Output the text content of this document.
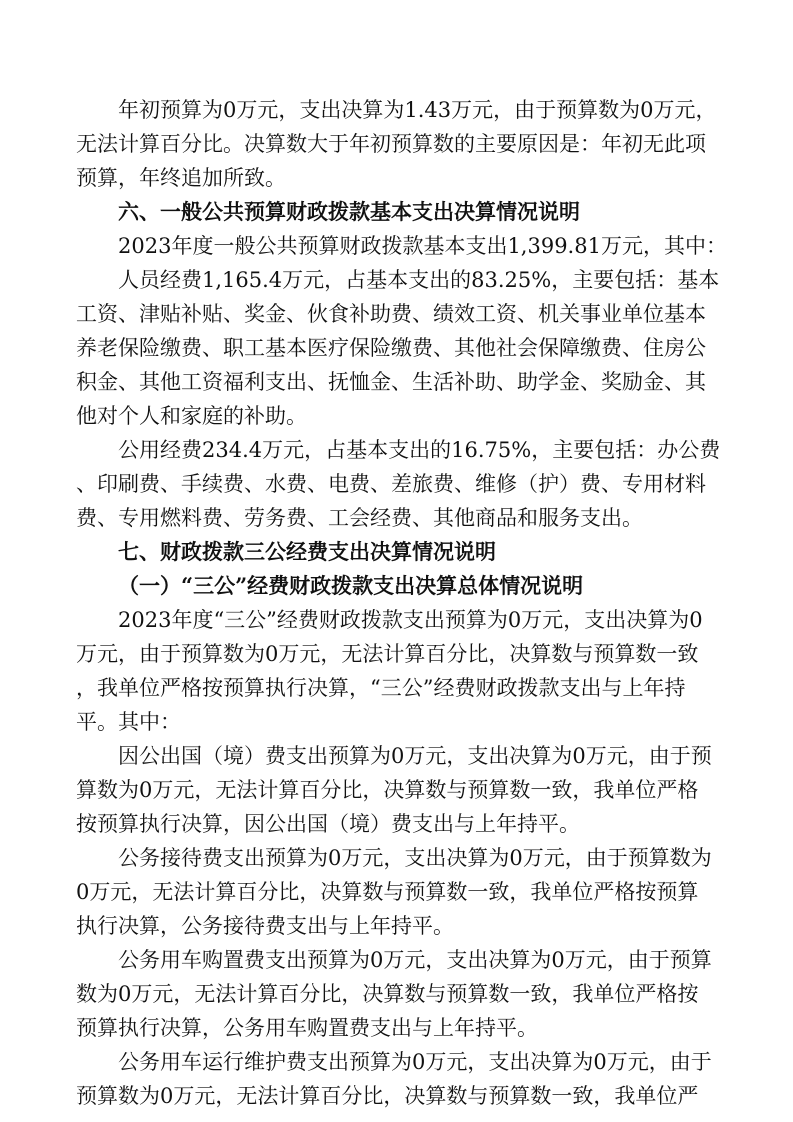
年初预算为0万元，支出决算为1.43万元，由于预算数为0万元，
无法计算百分比。决算数大于年初预算数的主要原因是：年初无此项
预算，年终追加所致。
六、一般公共预算财政拨款基本支出决算情况说明
2023年度一般公共预算财政拨款基本支出1,399.81万元，其中：
人员经费1,165.4万元，占基本支出的83.25%，主要包括：基本
工资、津贴补贴、奖金、伙食补助费、绩效工资、机关事业单位基本
养老保险缴费、职工基本医疗保险缴费、其他社会保障缴费、住房公
积金、其他工资福利支出、抚恤金、生活补助、助学金、奖励金、其
他对个人和家庭的补助。
公用经费234.4万元，占基本支出的16.75%，主要包括：办公费
、印刷费、手续费、水费、电费、差旅费、维修（护）费、专用材料
费、专用燃料费、劳务费、工会经费、其他商品和服务支出。
七、财政拨款三公经费支出决算情况说明
（一）“三公”经费财政拨款支出决算总体情况说明
2023年度“三公”经费财政拨款支出预算为0万元，支出决算为0
万元，由于预算数为0万元，无法计算百分比，决算数与预算数一致
，我单位严格按预算执行决算，“三公”经费财政拨款支出与上年持
平。其中：
因公出国（境）费支出预算为0万元，支出决算为0万元，由于预
算数为0万元，无法计算百分比，决算数与预算数一致，我单位严格
按预算执行决算，因公出国（境）费支出与上年持平。
公务接待费支出预算为0万元，支出决算为0万元，由于预算数为
0万元，无法计算百分比，决算数与预算数一致，我单位严格按预算
执行决算，公务接待费支出与上年持平。
公务用车购置费支出预算为0万元，支出决算为0万元，由于预算
数为0万元，无法计算百分比，决算数与预算数一致，我单位严格按
预算执行决算，公务用车购置费支出与上年持平。
公务用车运行维护费支出预算为0万元，支出决算为0万元，由于
预算数为0万元，无法计算百分比，决算数与预算数一致，我单位严
